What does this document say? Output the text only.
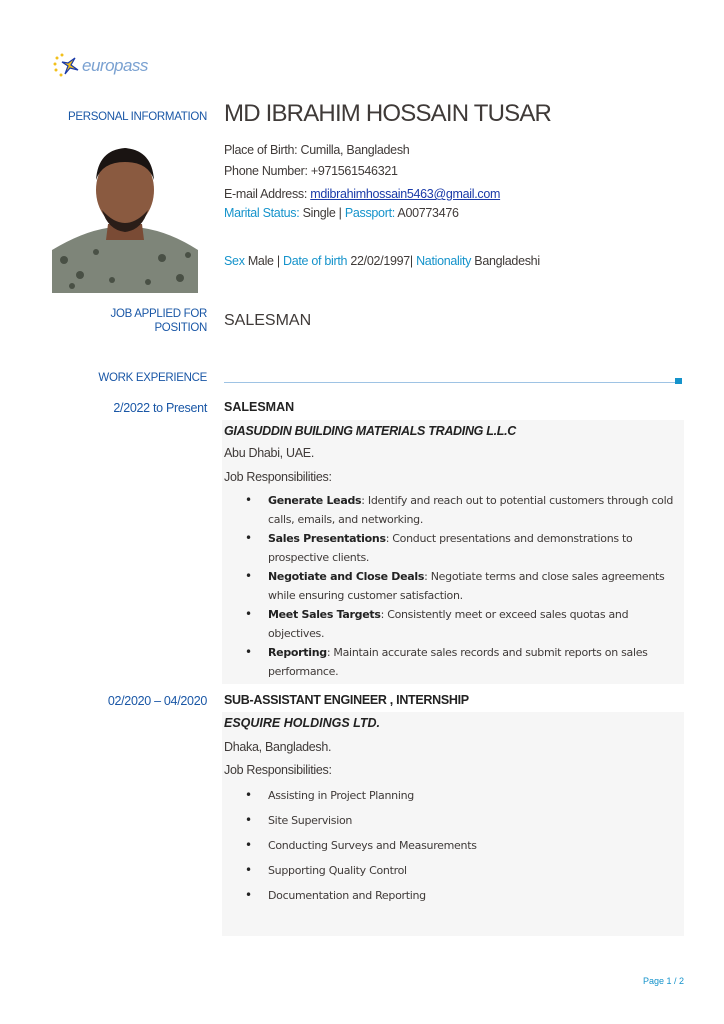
europass
PERSONAL INFORMATION MD IBRAHIM HOSSAIN TUSAR
Place of Birth: Cumilla, Bangladesh
Phone Number: +971561546321
E-mail Address: mdibrahimhossain5463@gmail.com
Marital Status: Single | Passport: A00773476
Sex Male | Date of birth 22/02/1997| Nationality Bangladeshi
JOB APPLIED FOR
POSITION SALESMAN
WORK EXPERIENCE
2/2022 to Present SALESMAN
GIASUDDIN BUILDING MATERIALS TRADING L.L.C
Abu Dhabi, UAE.
Job Responsibilities:
• Generate Leads: Identify and reach out to potential customers through cold calls, emails, and networking.
• Sales Presentations: Conduct presentations and demonstrations to prospective clients.
• Negotiate and Close Deals: Negotiate terms and close sales agreements while ensuring customer satisfaction.
• Meet Sales Targets: Consistently meet or exceed sales quotas and objectives.
• Reporting: Maintain accurate sales records and submit reports on sales performance.
02/2020 – 04/2020 SUB-ASSISTANT ENGINEER , INTERNSHIP
ESQUIRE HOLDINGS LTD.
Dhaka, Bangladesh.
Job Responsibilities:
• Assisting in Project Planning
• Site Supervision
• Conducting Surveys and Measurements
• Supporting Quality Control
• Documentation and Reporting
Page 1 / 2
